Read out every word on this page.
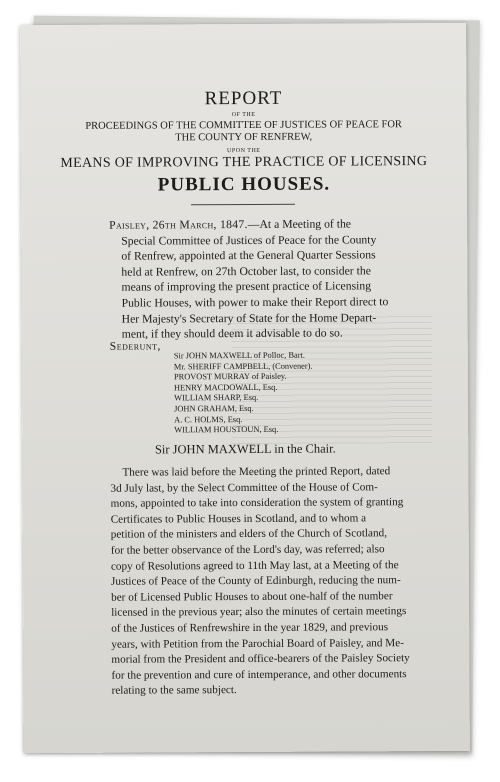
REPORT
OF THE
PROCEEDINGS OF THE COMMITTEE OF JUSTICES OF PEACE FOR
THE COUNTY OF RENFREW,
UPON THE
MEANS OF IMPROVING THE PRACTICE OF LICENSING
PUBLIC HOUSES.
Paisley, 26th March, 1847.—At a Meeting of the
Special Committee of Justices of Peace for the County
of Renfrew, appointed at the General Quarter Sessions
held at Renfrew, on 27th October last, to consider the
means of improving the present practice of Licensing
Public Houses, with power to make their Report direct to
Her Majesty's Secretary of State for the Home Depart-
ment, if they should deem it advisable to do so.
Sederunt,
Sir JOHN MAXWELL of Polloc, Bart.
Mr. SHERIFF CAMPBELL, (Convener).
PROVOST MURRAY of Paisley.
HENRY MACDOWALL, Esq.
WILLIAM SHARP, Esq.
JOHN GRAHAM, Esq.
A. C. HOLMS, Esq.
WILLIAM HOUSTOUN, Esq.
Sir JOHN MAXWELL in the Chair.
There was laid before the Meeting the printed Report, dated
3d July last, by the Select Committee of the House of Com-
mons, appointed to take into consideration the system of granting
Certificates to Public Houses in Scotland, and to whom a
petition of the ministers and elders of the Church of Scotland,
for the better observance of the Lord's day, was referred; also
copy of Resolutions agreed to 11th May last, at a Meeting of the
Justices of Peace of the County of Edinburgh, reducing the num-
ber of Licensed Public Houses to about one-half of the number
licensed in the previous year; also the minutes of certain meetings
of the Justices of Renfrewshire in the year 1829, and previous
years, with Petition from the Parochial Board of Paisley, and Me-
morial from the President and office-bearers of the Paisley Society
for the prevention and cure of intemperance, and other documents
relating to the same subject.
